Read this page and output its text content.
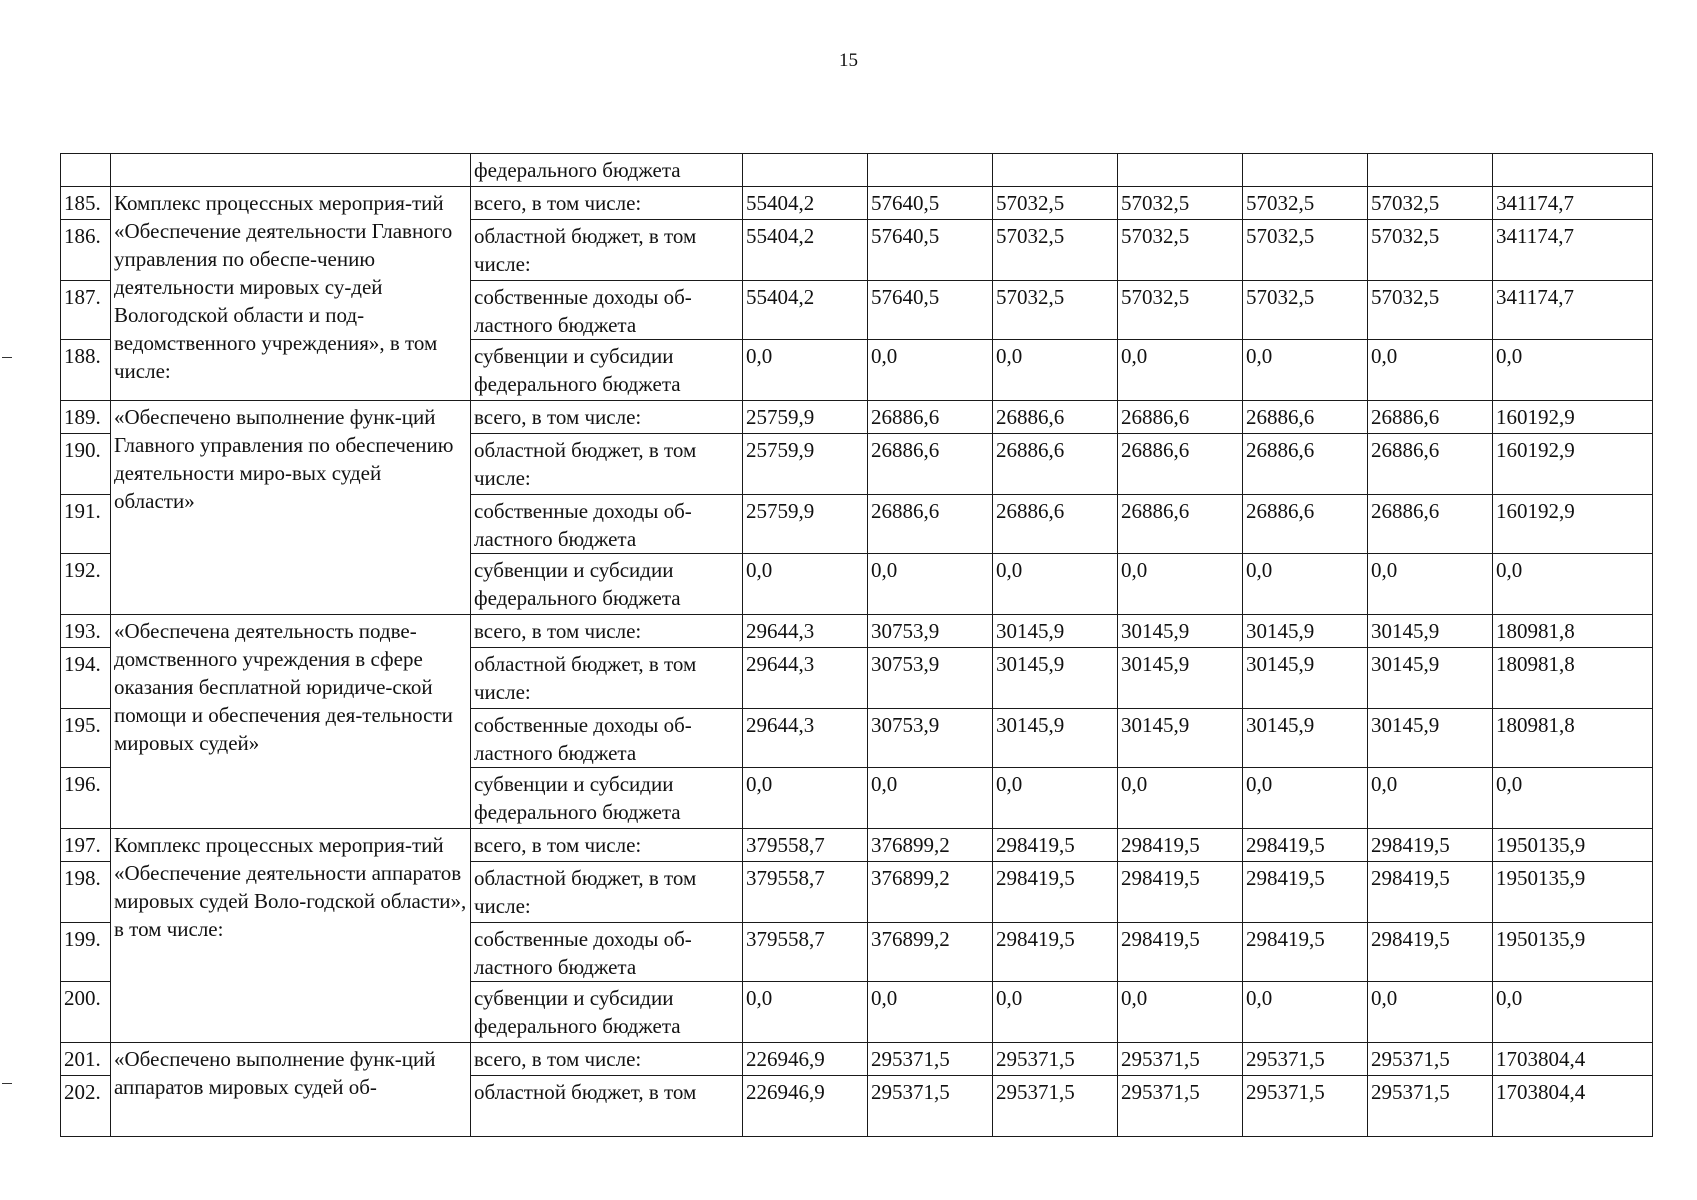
15
		федерального бюджета							
185.	Комплекс процессных мероприя-тий «Обеспечение деятельности Главного управления по обеспе-чению деятельности мировых су-дей Вологодской области и под-ведомственного учреждения», в том числе:	всего, в том числе:	55404,2	57640,5	57032,5	57032,5	57032,5	57032,5	341174,7
186.		областной бюджет, в том числе:	55404,2	57640,5	57032,5	57032,5	57032,5	57032,5	341174,7
187.		собственные доходы об-ластного бюджета	55404,2	57640,5	57032,5	57032,5	57032,5	57032,5	341174,7
188.		субвенции и субсидии федерального бюджета	0,0	0,0	0,0	0,0	0,0	0,0	0,0
189.	«Обеспечено выполнение функ-ций Главного управления по обеспечению деятельности миро-вых судей области»	всего, в том числе:	25759,9	26886,6	26886,6	26886,6	26886,6	26886,6	160192,9
190.		областной бюджет, в том числе:	25759,9	26886,6	26886,6	26886,6	26886,6	26886,6	160192,9
191.		собственные доходы об-ластного бюджета	25759,9	26886,6	26886,6	26886,6	26886,6	26886,6	160192,9
192.		субвенции и субсидии федерального бюджета	0,0	0,0	0,0	0,0	0,0	0,0	0,0
193.	«Обеспечена деятельность подве-домственного учреждения в сфере оказания бесплатной юридиче-ской помощи и обеспечения дея-тельности мировых судей»	всего, в том числе:	29644,3	30753,9	30145,9	30145,9	30145,9	30145,9	180981,8
194.		областной бюджет, в том числе:	29644,3	30753,9	30145,9	30145,9	30145,9	30145,9	180981,8
195.		собственные доходы об-ластного бюджета	29644,3	30753,9	30145,9	30145,9	30145,9	30145,9	180981,8
196.		субвенции и субсидии федерального бюджета	0,0	0,0	0,0	0,0	0,0	0,0	0,0
197.	Комплекс процессных мероприя-тий «Обеспечение деятельности аппаратов мировых судей Воло-годской области», в том числе:	всего, в том числе:	379558,7	376899,2	298419,5	298419,5	298419,5	298419,5	1950135,9
198.		областной бюджет, в том числе:	379558,7	376899,2	298419,5	298419,5	298419,5	298419,5	1950135,9
199.		собственные доходы об-ластного бюджета	379558,7	376899,2	298419,5	298419,5	298419,5	298419,5	1950135,9
200.		субвенции и субсидии федерального бюджета	0,0	0,0	0,0	0,0	0,0	0,0	0,0
201.	«Обеспечено выполнение функ-ций аппаратов мировых судей об-	всего, в том числе:	226946,9	295371,5	295371,5	295371,5	295371,5	295371,5	1703804,4
202.		областной бюджет, в том	226946,9	295371,5	295371,5	295371,5	295371,5	295371,5	1703804,4
